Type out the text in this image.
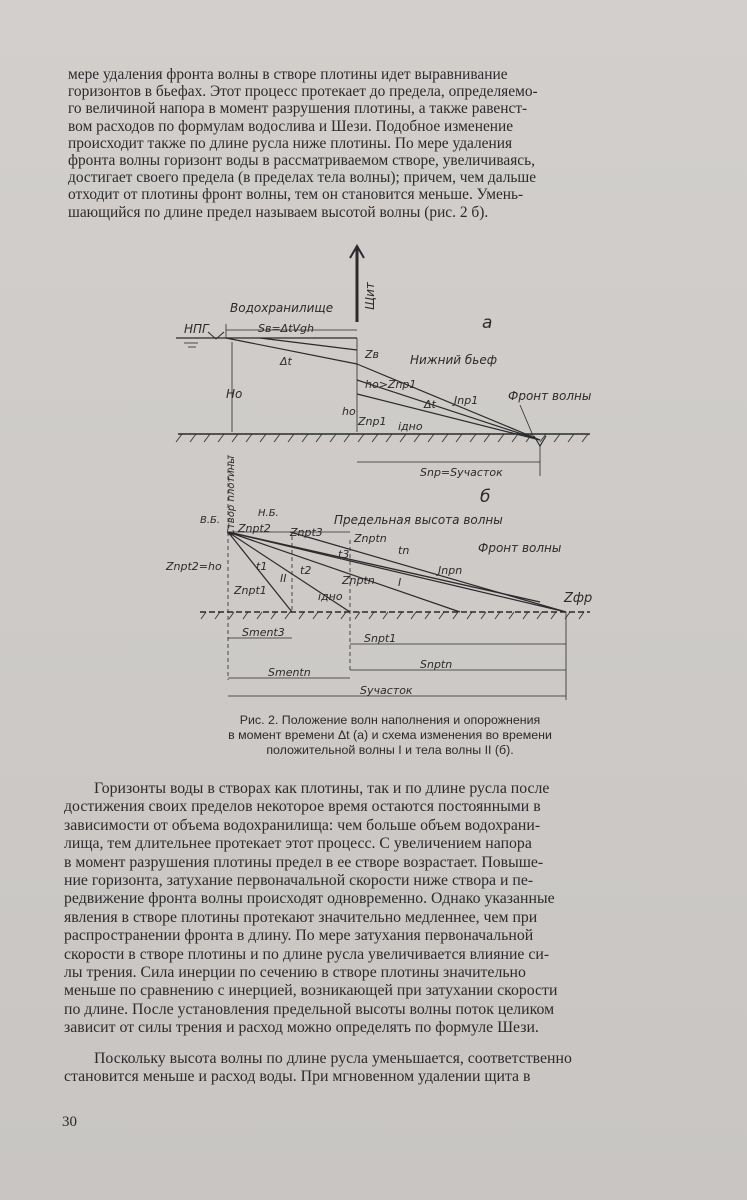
мере удаления фронта волны в створе плотины идет выравнивание
горизонтов в бьефах. Этот процесс протекает до предела, определяемо-
го величиной напора в момент разрушения плотины, а также равенст-
вом расходов по формулам водослива и Шези. Подобное изменение
происходит также по длине русла ниже плотины. По мере удаления
фронта волны горизонт воды в рассматриваемом створе, увеличиваясь,
достигает своего предела (в пределах тела волны); причем, чем дальше
отходит от плотины фронт волны, тем он становится меньше. Умень-
шающийся по длине предел называем высотой волны (рис. 2 б).
Щит
а
Водохранилище
НПГ	Sв=ΔtVgh
Δt
Zв	Нижний бьеф
Ho
ho>Znp1
Δt Jnp1 Фронт волны
ho
Znp1 iдно
Snp=Sучасток
б
Створ плотины
В.Б.
Н.Б.
Znpt2 Znpt3
Предельная высота волны
Znptn
tn
t3	Фронт волны
Znpt2=ho	t1
II
t2
Znptn I
Jnpn
Znpt1	iдно	Zфр
Sment3	Snpt1
Smentn
Snptn
Sучасток
Рис. 2. Положение волн наполнения и опорожнения
в момент времени Δt (а) и схема изменения во времени
положительной волны I и тела волны II (б).
Горизонты воды в створах как плотины, так и по длине русла после
достижения своих пределов некоторое время остаются постоянными в
зависимости от объема водохранилища: чем больше объем водохрани-
лища, тем длительнее протекает этот процесс. С увеличением напора
в момент разрушения плотины предел в ее створе возрастает. Повыше-
ние горизонта, затухание первоначальной скорости ниже створа и пе-
редвижение фронта волны происходят одновременно. Однако указанные
явления в створе плотины протекают значительно медленнее, чем при
распространении фронта в длину. По мере затухания первоначальной
скорости в створе плотины и по длине русла увеличивается влияние си-
лы трения. Сила инерции по сечению в створе плотины значительно
меньше по сравнению с инерцией, возникающей при затухании скорости
по длине. После установления предельной высоты волны поток целиком
зависит от силы трения и расход можно определять по формуле Шези.
Поскольку высота волны по длине русла уменьшается, соответственно
становится меньше и расход воды. При мгновенном удалении щита в
30
